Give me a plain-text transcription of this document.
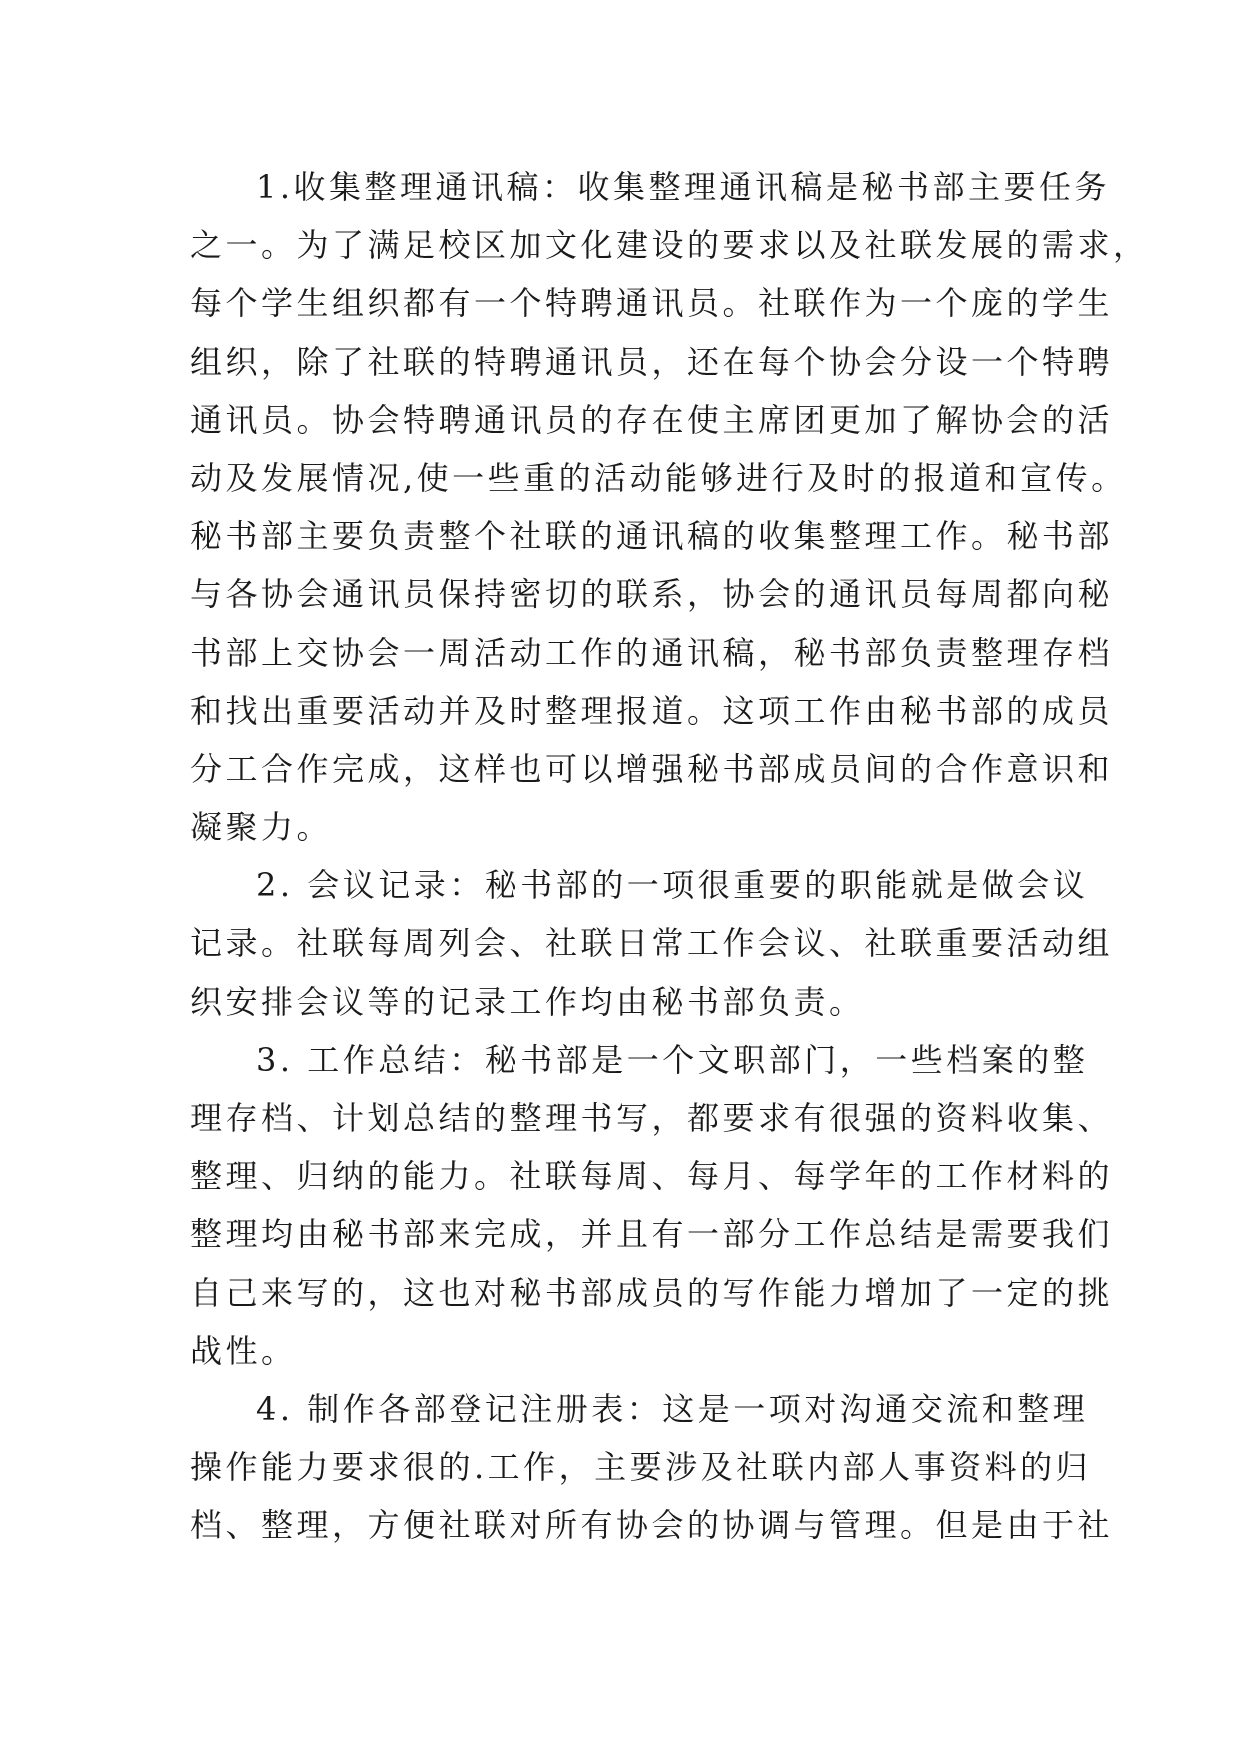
1.收集整理通讯稿：收集整理通讯稿是秘书部主要任务
之一。为了满足校区加文化建设的要求以及社联发展的需求，
每个学生组织都有一个特聘通讯员。社联作为一个庞的学生
组织，除了社联的特聘通讯员，还在每个协会分设一个特聘
通讯员。协会特聘通讯员的存在使主席团更加了解协会的活
动及发展情况,使一些重的活动能够进行及时的报道和宣传。
秘书部主要负责整个社联的通讯稿的收集整理工作。秘书部
与各协会通讯员保持密切的联系，协会的通讯员每周都向秘
书部上交协会一周活动工作的通讯稿，秘书部负责整理存档
和找出重要活动并及时整理报道。这项工作由秘书部的成员
分工合作完成，这样也可以增强秘书部成员间的合作意识和
凝聚力。
2. 会议记录：秘书部的一项很重要的职能就是做会议
记录。社联每周列会、社联日常工作会议、社联重要活动组
织安排会议等的记录工作均由秘书部负责。
3. 工作总结：秘书部是一个文职部门，一些档案的整
理存档、计划总结的整理书写，都要求有很强的资料收集、
整理、归纳的能力。社联每周、每月、每学年的工作材料的
整理均由秘书部来完成，并且有一部分工作总结是需要我们
自己来写的，这也对秘书部成员的写作能力增加了一定的挑
战性。
4. 制作各部登记注册表：这是一项对沟通交流和整理
操作能力要求很的.工作，主要涉及社联内部人事资料的归
档、整理，方便社联对所有协会的协调与管理。但是由于社
